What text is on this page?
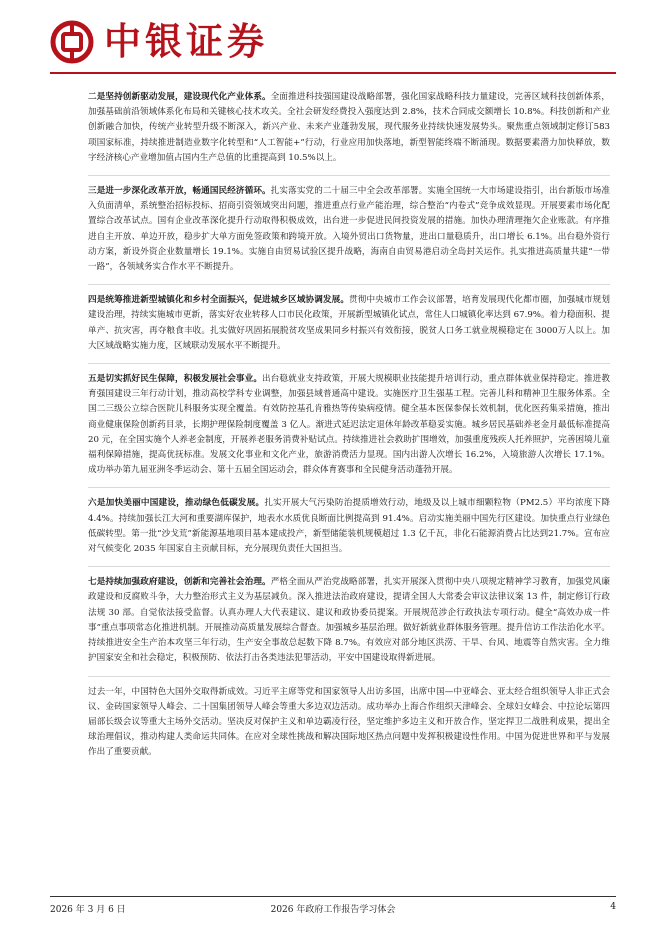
中银证券

二是坚持创新驱动发展，建设现代化产业体系。全面推进科技强国建设战略部署，强化国家战略科技力量建设，完善区域科技创新体系，加强基础前沿领域体系化布局和关键核心技术攻关。全社会研发经费投入强度达到 2.8%，技术合同成交额增长 10.8%。科技创新和产业创新融合加快，传统产业转型升级不断深入，新兴产业、未来产业蓬勃发展，现代服务业持续快速发展势头。聚焦重点领域制定修订583项国家标准，持续推进制造业数字化转型和“人工智能+”行动，行业应用加快落地，新型智能终端不断涌现。数据要素潜力加快释放，数字经济核心产业增加值占国内生产总值的比重提高到 10.5%以上。

三是进一步深化改革开放，畅通国民经济循环。扎实落实党的二十届三中全会改革部署。实施全国统一大市场建设指引，出台新版市场准入负面清单，系统整治招标投标、招商引资领域突出问题，推进重点行业产能治理，综合整治“内卷式”竞争成效显现。开展要素市场化配置综合改革试点。国有企业改革深化提升行动取得积极成效，出台进一步促进民间投资发展的措施。加快办理清理拖欠企业账款。有序推进自主开放、单边开放，稳步扩大单方面免签政策和跨境开放。入境外贸出口货物量，进出口量稳质升，出口增长 6.1%。出台稳外资行动方案，新设外资企业数量增长 19.1%。实施自由贸易试验区提升战略，海南自由贸易港启动全岛封关运作。扎实推进高质量共建“一带一路”，各领域务实合作水平不断提升。

四是统筹推进新型城镇化和乡村全面振兴，促进城乡区域协调发展。贯彻中央城市工作会议部署，培育发展现代化都市圈，加强城市规划建设治理，持续实施城市更新，落实好农业转移人口市民化政策，开展新型城镇化试点，常住人口城镇化率达到 67.9%。着力稳面积、提单产、抗灾害，再夺粮食丰收。扎实做好巩固拓展脱贫攻坚成果同乡村振兴有效衔接，脱贫人口务工就业规模稳定在 3000万人以上。加大区域战略实施力度，区域联动发展水平不断提升。

五是切实抓好民生保障，积极发展社会事业。出台稳就业支持政策，开展大规模职业技能提升培训行动，重点群体就业保持稳定。推进教育强国建设三年行动计划，推动高校学科专业调整，加强县域普通高中建设。实施医疗卫生强基工程。完善儿科和精神卫生服务体系。全国二三级公立综合医院儿科服务实现全覆盖。有效防控基孔肯雅热等传染病疫情。健全基本医保参保长效机制，优化医药集采措施，推出商业健康保险创新药目录，长期护理保险制度覆盖 3 亿人。渐进式延迟法定退休年龄改革稳妥实施。城乡居民基础养老金月最低标准提高 20 元，在全国实施个人养老金制度，开展养老服务消费补贴试点。持续推进社会救助扩围增效，加强重度残疾人托养照护，完善困境儿童福利保障措施，提高优抚标准。发展文化事业和文化产业，旅游消费活力显现。国内出游人次增长 16.2%，入境旅游人次增长 17.1%。成功举办第九届亚洲冬季运动会、第十五届全国运动会，群众体育赛事和全民健身活动蓬勃开展。

六是加快美丽中国建设，推动绿色低碳发展。扎实开展大气污染防治提质增效行动，地级及以上城市细颗粒物（PM2.5）平均浓度下降 4.4%。持续加强长江大河和重要湖库保护，地表水水质优良断面比例提高到 91.4%。启动实施美丽中国先行区建设。加快重点行业绿色低碳转型。第一批“沙戈荒”新能源基地项目基本建成投产，新型储能装机规模超过 1.3 亿千瓦，非化石能源消费占比达到21.7%。宣布应对气候变化 2035 年国家自主贡献目标，充分展现负责任大国担当。

七是持续加强政府建设，创新和完善社会治理。严格全面从严治党战略部署，扎实开展深入贯彻中央八项规定精神学习教育，加强党风廉政建设和反腐败斗争，大力整治形式主义为基层减负。深入推进法治政府建设，提请全国人大常委会审议法律议案 13 件，制定修订行政法规 30 部。自觉依法接受监督。认真办理人大代表建议、建议和政协委员提案。开展规范涉企行政执法专项行动。健全“高效办成一件事”重点事项常态化推进机制。开展推动高质量发展综合督查。加强城乡基层治理。做好新就业群体服务管理。提升信访工作法治化水平。持续推进安全生产治本攻坚三年行动，生产安全事故总起数下降 8.7%。有效应对部分地区洪涝、干旱、台风、地震等自然灾害。全力维护国家安全和社会稳定，积极预防、依法打击各类违法犯罪活动，平安中国建设取得新进展。

过去一年，中国特色大国外交取得新成效。习近平主席等党和国家领导人出访多国，出席中国—中亚峰会、亚太经合组织领导人非正式会议、金砖国家领导人峰会、二十国集团领导人峰会等重大多边双边活动。成功举办上海合作组织天津峰会、全球妇女峰会、中拉论坛第四届部长级会议等重大主场外交活动。坚决反对保护主义和单边霸凌行径，坚定维护多边主义和开放合作，坚定捍卫二战胜利成果，提出全球治理倡议，推动构建人类命运共同体。在应对全球性挑战和解决国际地区热点问题中发挥积极建设性作用。中国为促进世界和平与发展作出了重要贡献。

2026 年 3 月 6 日	2026 年政府工作报告学习体会	4
